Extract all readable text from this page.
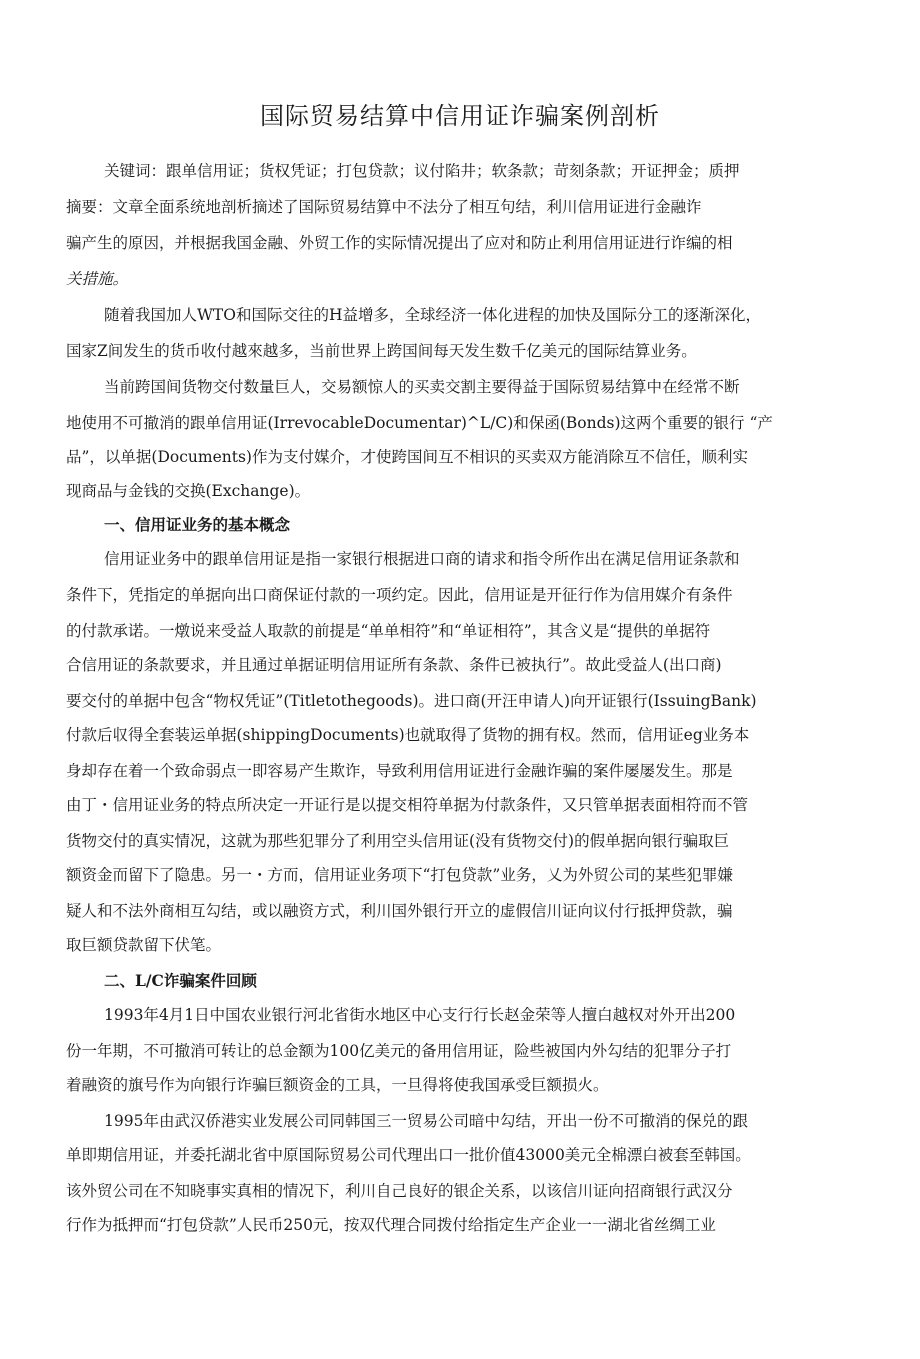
国际贸易结算中信用证诈骗案例剖析
关键词：跟单信用证；货权凭证；打包贷款；议付陷井；软条款；苛刻条款；开证押金；质押
摘要：文章全面系统地剖析摘述了国际贸易结算中不法分了相互句结，利川信用证进行金融诈
骗产生的原因，并根据我国金融、外贸工作的实际情况提出了应对和防止利用信用证进行诈编的相
关措施。
随着我国加人WTO和国际交往的H益增多，全球经济一体化进程的加快及国际分工的逐渐深化，
国家Z间发生的货币收付越來越多，当前世界上跨国间每天发生数千亿美元的国际结算业务。
当前跨国间货物交付数量巨人，交易额惊人的买卖交割主要得益于国际贸易结算中在经常不断
地使用不可撤消的跟单信用证(IrrevocableDocumentar)^L/C)和保函(Bonds)这两个重要的银行 “产
品”，以单据(Documents)作为支付媒介，才使跨国间互不相识的买卖双方能消除互不信任，顺利实
现商品与金钱的交换(Exchange)。
一、信用证业务的基本概念
信用证业务中的跟单信用证是指一家银行根据进口商的请求和指令所作出在满足信用证条款和
条件下，凭指定的单据向出口商保证付款的一项约定。因此，信用证是开征行作为信用媒介有条件
的付款承诺。一燉说来受益人取款的前提是“单单相符”和“单证相符”，其含义是“提供的单据符
合信用证的条款要求，并且通过单据证明信用证所有条款、条件已被执行”。故此受益人(出口商)
要交付的单据中包含“物权凭证”(Titletothegoods)。进口商(开汪申请人)向开证银行(IssuingBank)
付款后収得全套装运单据(shippingDocuments)也就取得了货物的拥有权。然而，信用证eg业务本
身却存在着一个致命弱点一即容易产生欺诈，导致利用信用证进行金融诈骗的案件屡屡发生。那是
由丁・信用证业务的特点所决定一开证行是以提交相符单据为付款条件，又只管单据表面相符而不管
货物交付的真实情况，这就为那些犯罪分了利用空头信用证(没有货物交付)的假单据向银行骗取巨
额资金而留下了隐患。另一・方而，信用证业务项下“打包贷款”业务，乂为外贸公司的某些犯罪嫌
疑人和不法外商相互勾结，或以融资方式，利川国外银行开立的虚假信川证向议付行抵押贷款，骗
取巨额贷款留下伏笔。
二、L/C诈骗案件回顾
1993年4月1日中国农业银行河北省街水地区中心支行行长赵金荣等人擅白越权对外开出200
份一年期，不可撤消可转让的总金额为100亿美元的备用信用证，险些被国内外勾结的犯罪分子打
着融资的旗号作为向银行诈骗巨额资金的工具，一旦得将使我国承受巨额损火。
1995年由武汉侨港实业发展公司同韩国三一贸易公司暗中勾结，开出一份不可撤消的保兑的跟
单即期信用证，并委托湖北省中原国际贸易公司代理出口一批价值43000美元全棉漂白被套至韩国。
该外贸公司在不知晓事实真相的情况下，利川自己良好的银企关系，以该信川证向招商银行武汉分
行作为抵押而“打包贷款”人民币250元，按双代理合同拨付给指定生产企业一一湖北省丝绸工业
